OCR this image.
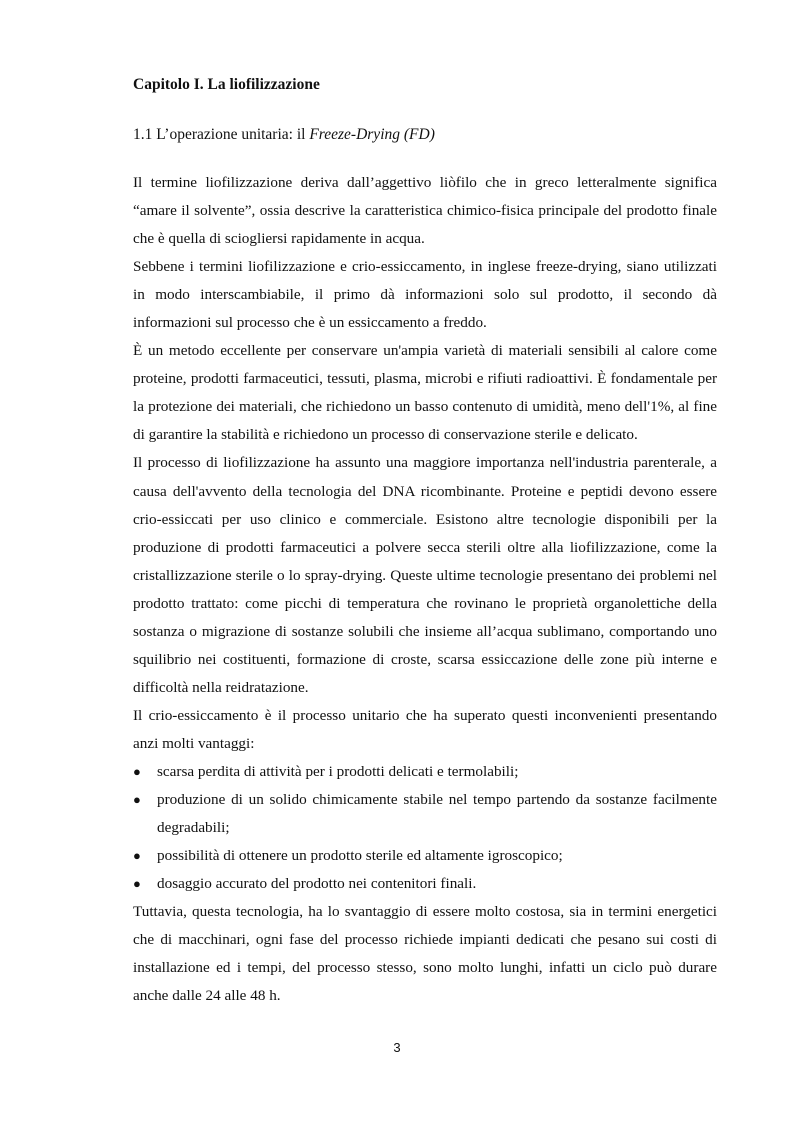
Capitolo I. La liofilizzazione
1.1 L’operazione unitaria: il Freeze-Drying (FD)

Il termine liofilizzazione deriva dall’aggettivo liòfilo che in greco letteralmente significa “amare il solvente”, ossia descrive la caratteristica chimico-fisica principale del prodotto finale che è quella di sciogliersi rapidamente in acqua.

Sebbene i termini liofilizzazione e crio-essiccamento, in inglese freeze-drying, siano utilizzati in modo interscambiabile, il primo dà informazioni solo sul prodotto, il secondo dà informazioni sul processo che è un essiccamento a freddo.

È un metodo eccellente per conservare un'ampia varietà di materiali sensibili al calore come proteine, prodotti farmaceutici, tessuti, plasma, microbi e rifiuti radioattivi. È fondamentale per la protezione dei materiali, che richiedono un basso contenuto di umidità, meno dell'1%, al fine di garantire la stabilità e richiedono un processo di conservazione sterile e delicato.

Il processo di liofilizzazione ha assunto una maggiore importanza nell'industria parenterale, a causa dell'avvento della tecnologia del DNA ricombinante. Proteine e peptidi devono essere crio-essiccati per uso clinico e commerciale. Esistono altre tecnologie disponibili per la produzione di prodotti farmaceutici a polvere secca sterili oltre alla liofilizzazione, come la cristallizzazione sterile o lo spray-drying. Queste ultime tecnologie presentano dei problemi nel prodotto trattato: come picchi di temperatura che rovinano le proprietà organolettiche della sostanza o migrazione di sostanze solubili che insieme all’acqua sublimano, comportando uno squilibrio nei costituenti, formazione di croste, scarsa essiccazione delle zone più interne e difficoltà nella reidratazione.

Il crio-essiccamento è il processo unitario che ha superato questi inconvenienti presentando anzi molti vantaggi:

● scarsa perdita di attività per i prodotti delicati e termolabili;
● produzione di un solido chimicamente stabile nel tempo partendo da sostanze facilmente degradabili;
● possibilità di ottenere un prodotto sterile ed altamente igroscopico;
● dosaggio accurato del prodotto nei contenitori finali.

Tuttavia, questa tecnologia, ha lo svantaggio di essere molto costosa, sia in termini energetici che di macchinari, ogni fase del processo richiede impianti dedicati che pesano sui costi di installazione ed i tempi, del processo stesso, sono molto lunghi, infatti un ciclo può durare anche dalle 24 alle 48 h.

3
